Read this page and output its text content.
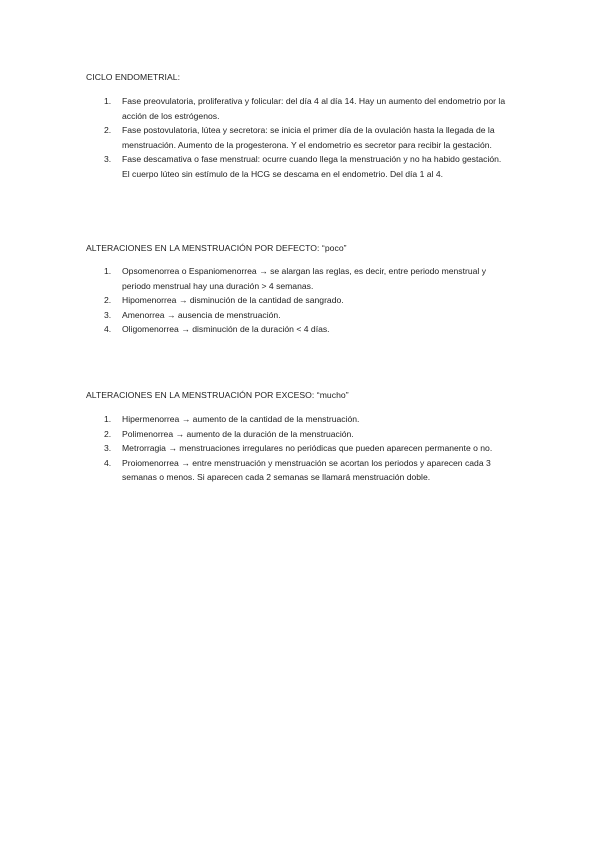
CICLO ENDOMETRIAL:
1. Fase preovulatoria, proliferativa y folicular: del día 4 al día 14. Hay un aumento del endometrio por la acción de los estrógenos.
2. Fase postovulatoria, lútea y secretora: se inicia el primer día de la ovulación hasta la llegada de la menstruación. Aumento de la progesterona. Y el endometrio es secretor para recibir la gestación.
3. Fase descamativa o fase menstrual: ocurre cuando llega la menstruación y no ha habido gestación. El cuerpo lúteo sin estímulo de la HCG se descama en el endometrio. Del día 1 al 4.
ALTERACIONES EN LA MENSTRUACIÓN POR DEFECTO: “poco”
1. Opsomenorrea o Espaniomenorrea → se alargan las reglas, es decir, entre periodo menstrual y periodo menstrual hay una duración > 4 semanas.
2. Hipomenorrea → disminución de la cantidad de sangrado.
3. Amenorrea → ausencia de menstruación.
4. Oligomenorrea → disminución de la duración < 4 días.
ALTERACIONES EN LA MENSTRUACIÓN POR EXCESO: “mucho”
1. Hipermenorrea → aumento de la cantidad de la menstruación.
2. Polimenorrea → aumento de la duración de la menstruación.
3. Metrorragia → menstruaciones irregulares no periódicas que pueden aparecen permanente o no.
4. Proiomenorrea → entre menstruación y menstruación se acortan los periodos y aparecen cada 3 semanas o menos. Si aparecen cada 2 semanas se llamará menstruación doble.
